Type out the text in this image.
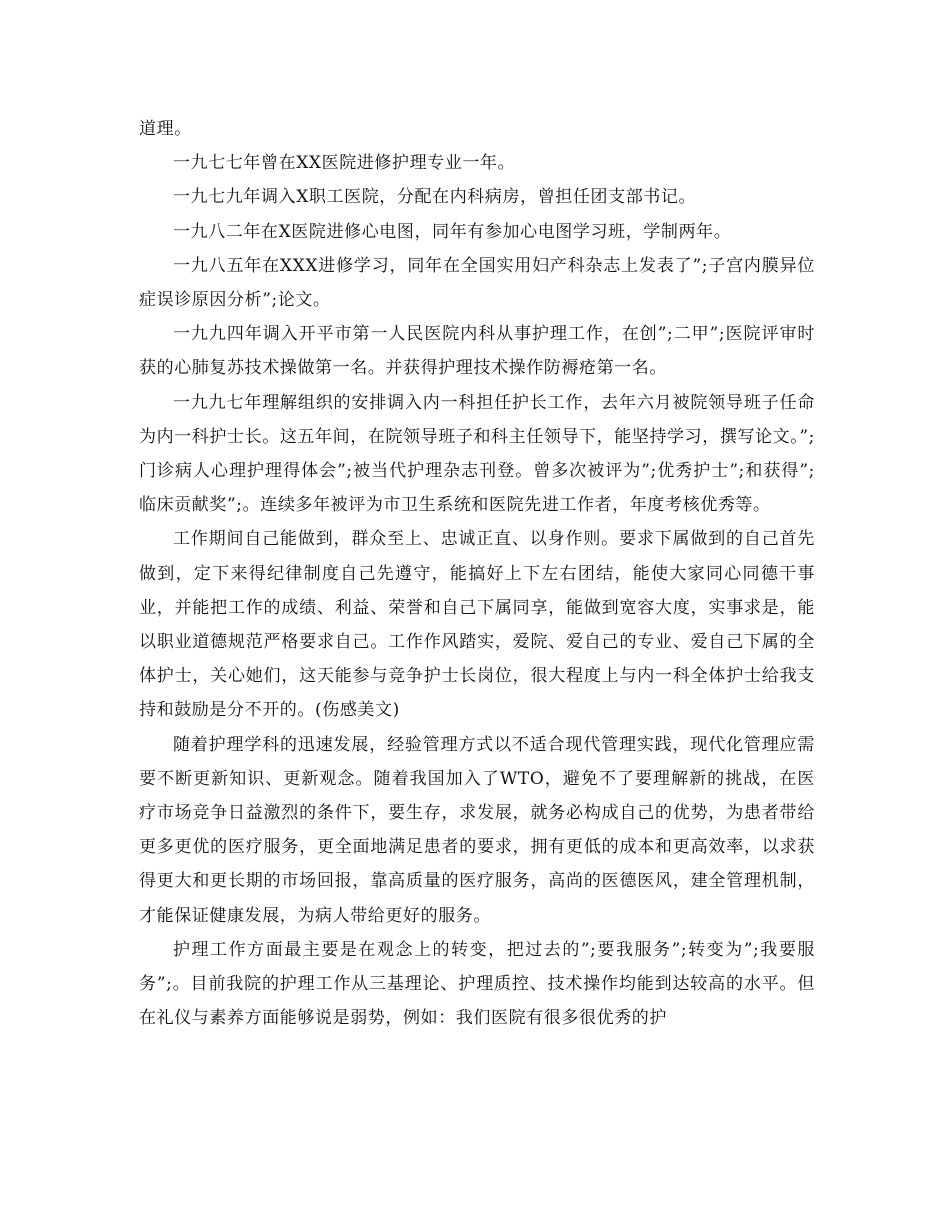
道理。

一九七七年曾在XX医院进修护理专业一年。

一九七九年调入X职工医院，分配在内科病房，曾担任团支部书记。

一九八二年在X医院进修心电图，同年有参加心电图学习班，学制两年。

一九八五年在XXX进修学习，同年在全国实用妇产科杂志上发表了”;子宫内膜异位症误诊原因分析”;论文。

一九九四年调入开平市第一人民医院内科从事护理工作，在创”;二甲”;医院评审时获的心肺复苏技术操做第一名。并获得护理技术操作防褥疮第一名。

一九九七年理解组织的安排调入内一科担任护长工作，去年六月被院领导班子任命为内一科护士长。这五年间，在院领导班子和科主任领导下，能坚持学习，撰写论文。”;门诊病人心理护理得体会”;被当代护理杂志刊登。曾多次被评为”;优秀护士”;和获得”;临床贡献奖”;。连续多年被评为市卫生系统和医院先进工作者，年度考核优秀等。

工作期间自己能做到，群众至上、忠诚正直、以身作则。要求下属做到的自己首先做到，定下来得纪律制度自己先遵守，能搞好上下左右团结，能使大家同心同德干事业，并能把工作的成绩、利益、荣誉和自己下属同享，能做到宽容大度，实事求是，能以职业道德规范严格要求自己。工作作风踏实，爱院、爱自己的专业、爱自己下属的全体护士，关心她们，这天能参与竞争护士长岗位，很大程度上与内一科全体护士给我支持和鼓励是分不开的。(伤感美文)

随着护理学科的迅速发展，经验管理方式以不适合现代管理实践，现代化管理应需要不断更新知识、更新观念。随着我国加入了WTO，避免不了要理解新的挑战，在医疗市场竞争日益激烈的条件下，要生存，求发展，就务必构成自己的优势，为患者带给更多更优的医疗服务，更全面地满足患者的要求，拥有更低的成本和更高效率，以求获得更大和更长期的市场回报，靠高质量的医疗服务，高尚的医德医风，建全管理机制，才能保证健康发展，为病人带给更好的服务。

护理工作方面最主要是在观念上的转变，把过去的”;要我服务”;转变为”;我要服务”;。目前我院的护理工作从三基理论、护理质控、技术操作均能到达较高的水平。但在礼仪与素养方面能够说是弱势，例如：我们医院有很多很优秀的护
